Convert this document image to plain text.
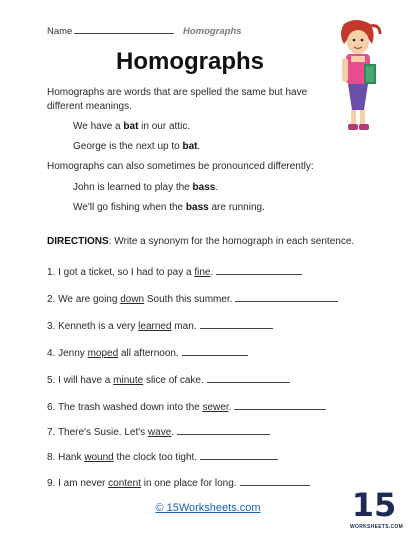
Name	Homographs
Homographs
Homographs are words that are spelled the same but have
different meanings.
We have a bat in our attic.
George is the next up to bat.
Homographs can also sometimes be pronounced differently:
John is learned to play the bass.
We'll go fishing when the bass are running.
DIRECTIONS: Write a synonym for the homograph in each sentence.
1. I got a ticket, so I had to pay a fine.
2. We are going down South this summer.
3. Kenneth is a very learned man.
4. Jenny moped all afternoon.
5. I will have a minute slice of cake.
6. The trash washed down into the sewer.
7. There's Susie. Let's wave.
8. Hank wound the clock too tight.
9. I am never content in one place for long.
© 15Worksheets.com	15
WORKSHEETS.COM
